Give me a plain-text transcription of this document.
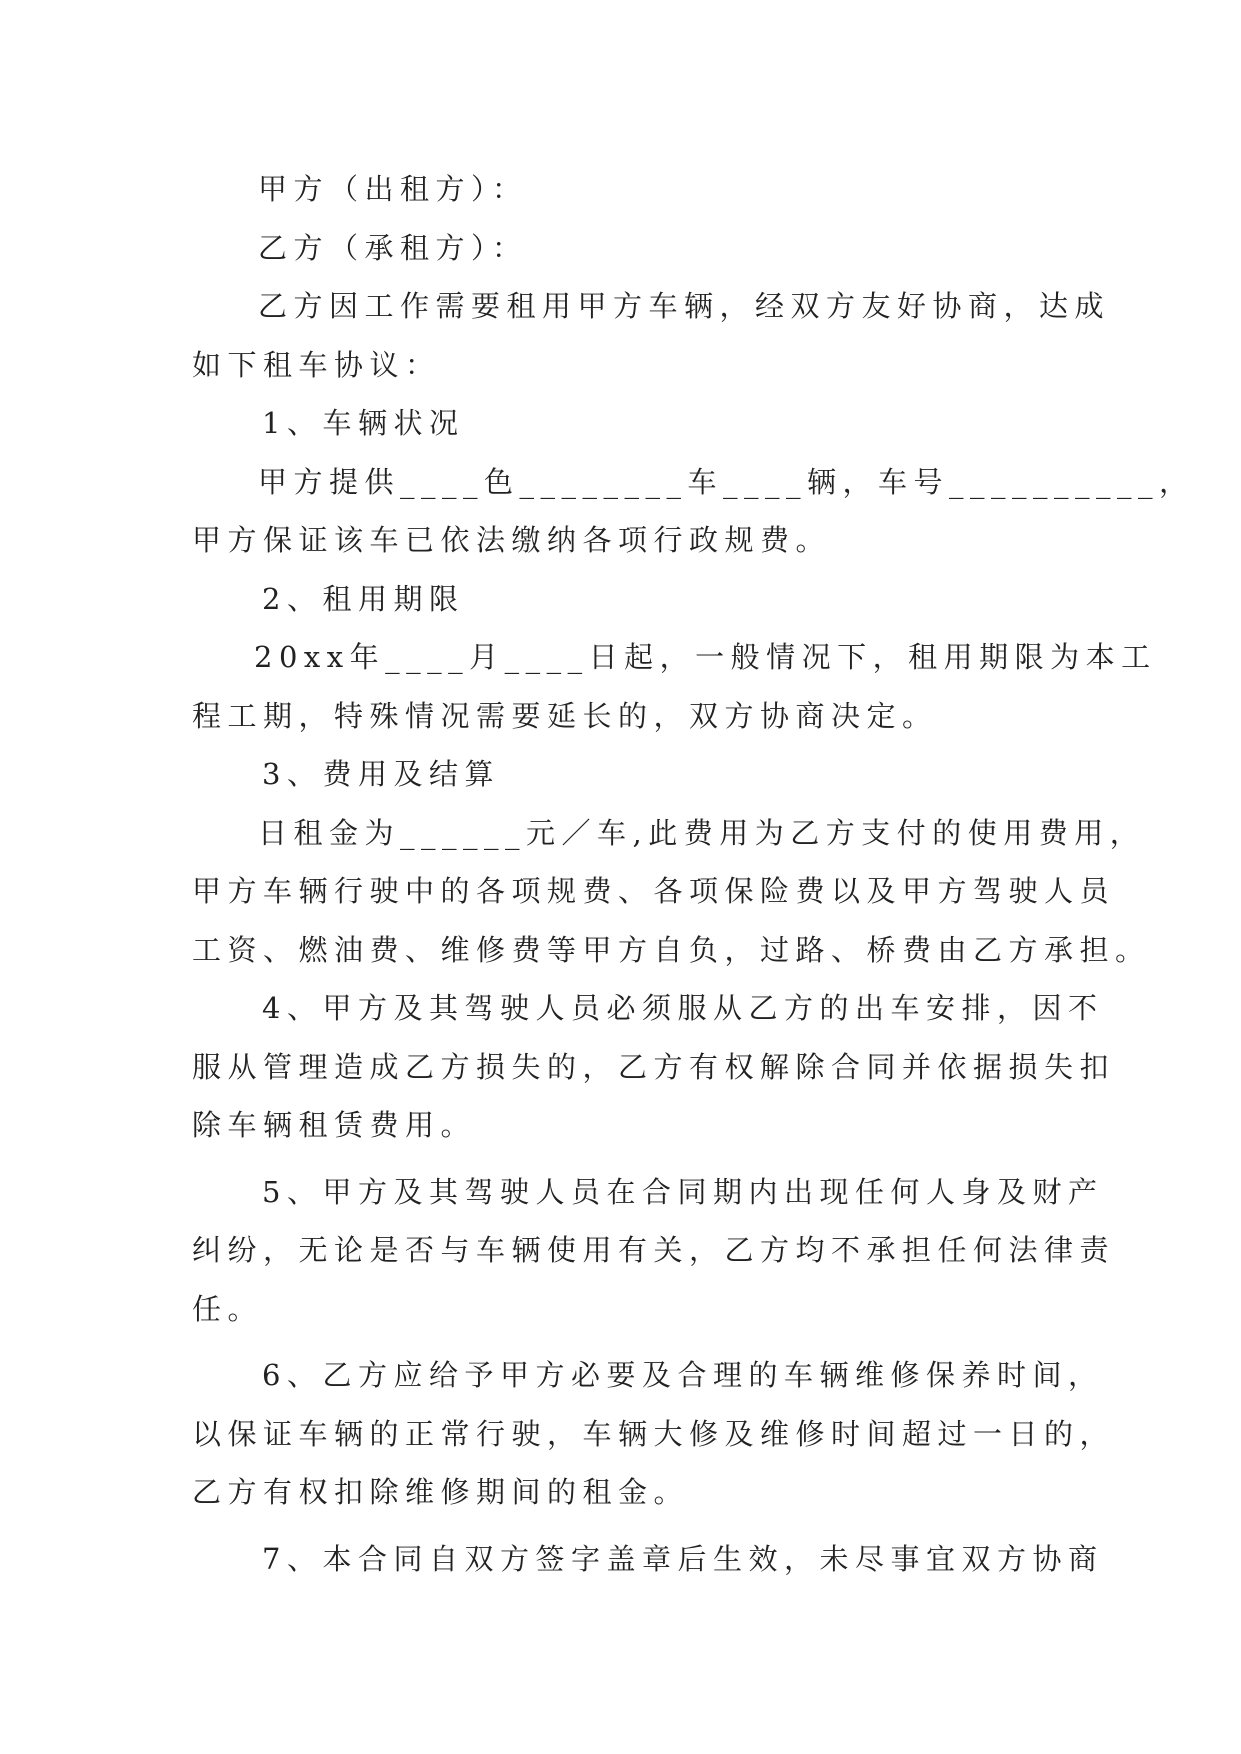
甲方（出租方）：
乙方（承租方）：
乙方因工作需要租用甲方车辆，经双方友好协商，达成
如下租车协议：
1、车辆状况
甲方提供____色________车____辆，车号__________，
甲方保证该车已依法缴纳各项行政规费。
2、租用期限
20xx年____月____日起，一般情况下，租用期限为本工
程工期，特殊情况需要延长的，双方协商决定。
3、费用及结算
日租金为______元／车,此费用为乙方支付的使用费用，
甲方车辆行驶中的各项规费、各项保险费以及甲方驾驶人员
工资、燃油费、维修费等甲方自负，过路、桥费由乙方承担。
4、甲方及其驾驶人员必须服从乙方的出车安排，因不
服从管理造成乙方损失的，乙方有权解除合同并依据损失扣
除车辆租赁费用。
5、甲方及其驾驶人员在合同期内出现任何人身及财产
纠纷，无论是否与车辆使用有关，乙方均不承担任何法律责
任。
6、乙方应给予甲方必要及合理的车辆维修保养时间，
以保证车辆的正常行驶，车辆大修及维修时间超过一日的，
乙方有权扣除维修期间的租金。
7、本合同自双方签字盖章后生效，未尽事宜双方协商
